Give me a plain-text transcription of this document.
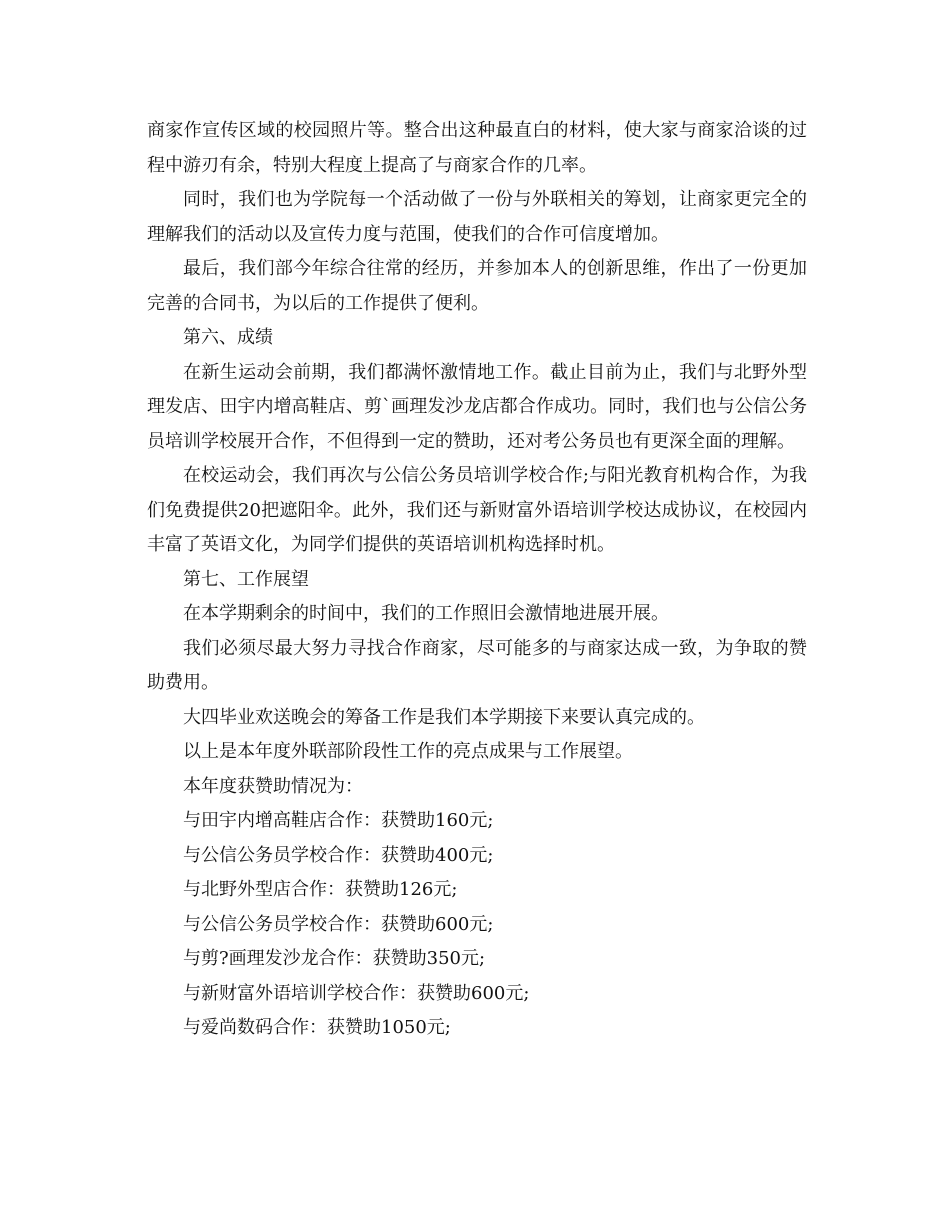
商家作宣传区域的校园照片等。整合出这种最直白的材料，使大家与商家洽谈的过程中游刃有余，特别大程度上提高了与商家合作的几率。

同时，我们也为学院每一个活动做了一份与外联相关的筹划，让商家更完全的理解我们的活动以及宣传力度与范围，使我们的合作可信度增加。

最后，我们部今年综合往常的经历，并参加本人的创新思维，作出了一份更加完善的合同书，为以后的工作提供了便利。

第六、成绩

在新生运动会前期，我们都满怀激情地工作。截止目前为止，我们与北野外型理发店、田宇内增高鞋店、剪`画理发沙龙店都合作成功。同时，我们也与公信公务员培训学校展开合作，不但得到一定的赞助，还对考公务员也有更深全面的理解。

在校运动会，我们再次与公信公务员培训学校合作;与阳光教育机构合作，为我们免费提供20把遮阳伞。此外，我们还与新财富外语培训学校达成协议，在校园内丰富了英语文化，为同学们提供的英语培训机构选择时机。

第七、工作展望

在本学期剩余的时间中，我们的工作照旧会激情地进展开展。

我们必须尽最大努力寻找合作商家，尽可能多的与商家达成一致，为争取的赞助费用。

大四毕业欢送晚会的筹备工作是我们本学期接下来要认真完成的。

以上是本年度外联部阶段性工作的亮点成果与工作展望。

本年度获赞助情况为：

与田宇内增高鞋店合作：获赞助160元;

与公信公务员学校合作：获赞助400元;

与北野外型店合作：获赞助126元;

与公信公务员学校合作：获赞助600元;

与剪?画理发沙龙合作：获赞助350元;

与新财富外语培训学校合作：获赞助600元;

与爱尚数码合作：获赞助1050元;
